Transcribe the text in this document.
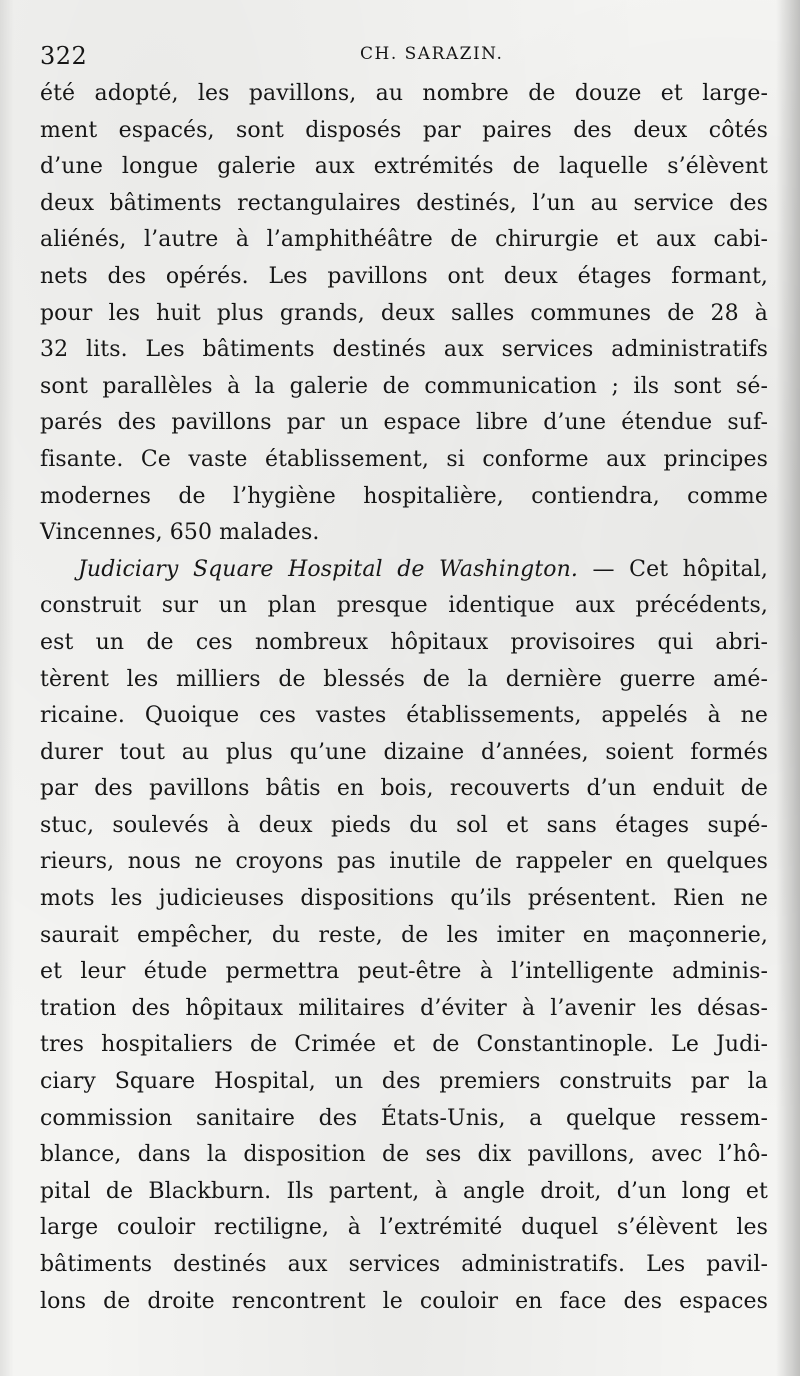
322	CH. SARAZIN.
été adopté, les pavillons, au nombre de douze et large-
ment espacés, sont disposés par paires des deux côtés
d’une longue galerie aux extrémités de laquelle s’élèvent
deux bâtiments rectangulaires destinés, l’un au service des
aliénés, l’autre à l’amphithéâtre de chirurgie et aux cabi-
nets des opérés. Les pavillons ont deux étages formant,
pour les huit plus grands, deux salles communes de 28 à
32 lits. Les bâtiments destinés aux services administratifs
sont parallèles à la galerie de communication ; ils sont sé-
parés des pavillons par un espace libre d’une étendue suf-
fisante. Ce vaste établissement, si conforme aux principes
modernes de l’hygiène hospitalière, contiendra, comme
Vincennes, 650 malades.
Judiciary Square Hospital de Washington. — Cet hôpital,
construit sur un plan presque identique aux précédents,
est un de ces nombreux hôpitaux provisoires qui abri-
tèrent les milliers de blessés de la dernière guerre amé-
ricaine. Quoique ces vastes établissements, appelés à ne
durer tout au plus qu’une dizaine d’années, soient formés
par des pavillons bâtis en bois, recouverts d’un enduit de
stuc, soulevés à deux pieds du sol et sans étages supé-
rieurs, nous ne croyons pas inutile de rappeler en quelques
mots les judicieuses dispositions qu’ils présentent. Rien ne
saurait empêcher, du reste, de les imiter en maçonnerie,
et leur étude permettra peut-être à l’intelligente adminis-
tration des hôpitaux militaires d’éviter à l’avenir les désas-
tres hospitaliers de Crimée et de Constantinople. Le Judi-
ciary Square Hospital, un des premiers construits par la
commission sanitaire des États-Unis, a quelque ressem-
blance, dans la disposition de ses dix pavillons, avec l’hô-
pital de Blackburn. Ils partent, à angle droit, d’un long et
large couloir rectiligne, à l’extrémité duquel s’élèvent les
bâtiments destinés aux services administratifs. Les pavil-
lons de droite rencontrent le couloir en face des espaces
